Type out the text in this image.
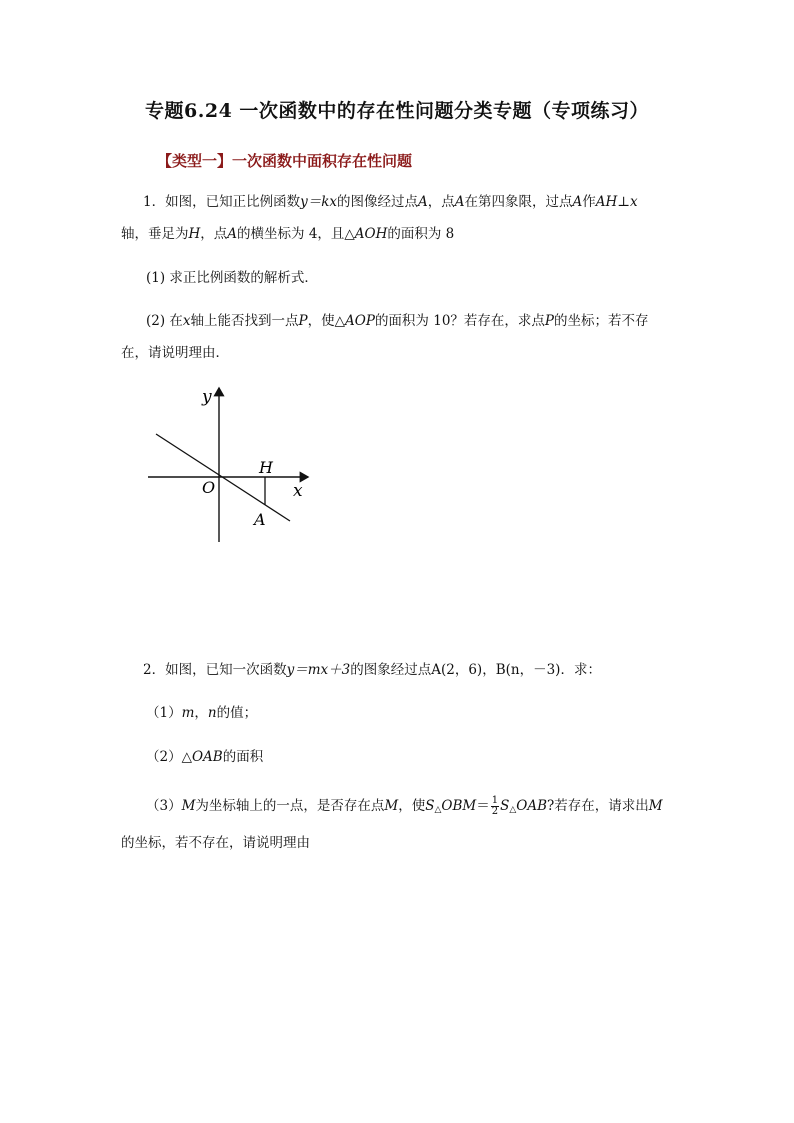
专题6.24 一次函数中的存在性问题分类专题（专项练习）
【类型一】一次函数中面积存在性问题
1．如图，已知正比例函数y＝kx的图像经过点A，点A在第四象限，过点A作AH⊥x
轴，垂足为H，点A的横坐标为 4，且△AOH的面积为 8
(1) 求正比例函数的解析式．
(2) 在x轴上能否找到一点P，使△AOP的面积为 10？若存在，求点P的坐标；若不存
在，请说明理由．
y
x
O
H
A
2．如图，已知一次函数y＝mx＋3的图象经过点A(2，6)，B(n，－3)．求：
（1）m，n的值；
（2）△OAB的面积
（3）M为坐标轴上的一点，是否存在点M，使$S_\triangle OBM= \frac{1}{2} S_\triangle OAB$?若存在，请求出M
的坐标，若不存在，请说明理由
